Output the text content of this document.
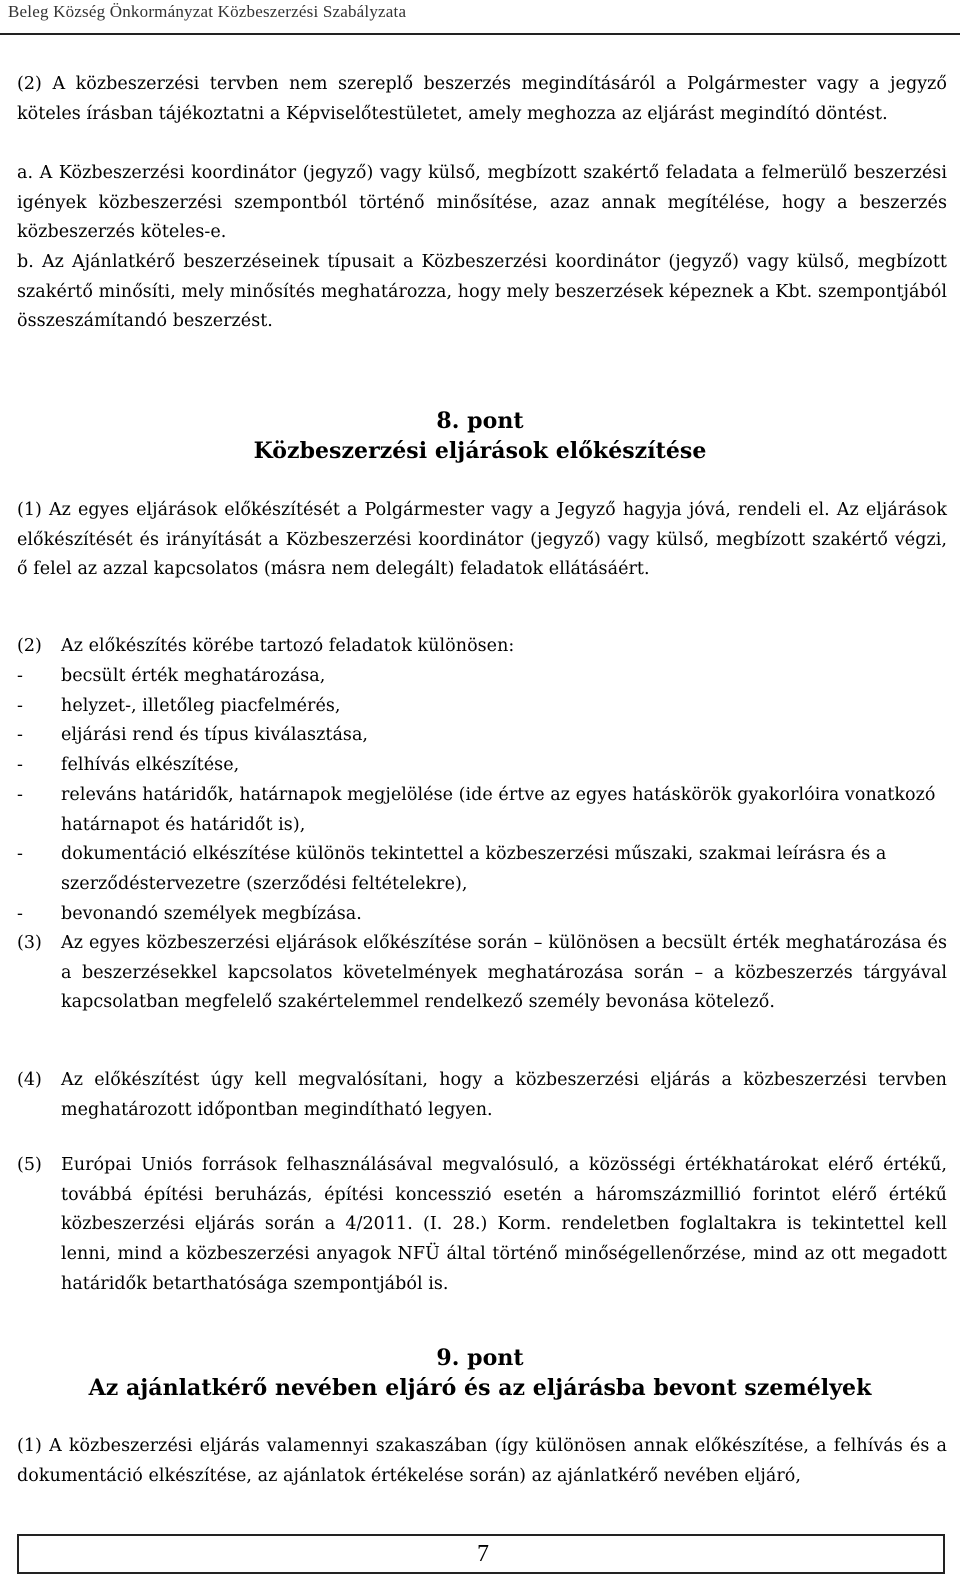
Beleg Község Önkormányzat Közbeszerzési Szabályzata

(2) A közbeszerzési tervben nem szereplő beszerzés megindításáról a Polgármester vagy a jegyző köteles írásban tájékoztatni a Képviselőtestületet, amely meghozza az eljárást megindító döntést.

a. A Közbeszerzési koordinátor (jegyző) vagy külső, megbízott szakértő feladata a felmerülő beszerzési igények közbeszerzési szempontból történő minősítése, azaz annak megítélése, hogy a beszerzés közbeszerzés köteles-e.

b. Az Ajánlatkérő beszerzéseinek típusait a Közbeszerzési koordinátor (jegyző) vagy külső, megbízott szakértő minősíti, mely minősítés meghatározza, hogy mely beszerzések képeznek a Kbt. szempontjából összeszámítandó beszerzést.

8. pont
Közbeszerzési eljárások előkészítése

(1) Az egyes eljárások előkészítését a Polgármester vagy a Jegyző hagyja jóvá, rendeli el. Az eljárások előkészítését és irányítását a Közbeszerzési koordinátor (jegyző) vagy külső, megbízott szakértő végzi, ő felel az azzal kapcsolatos (másra nem delegált) feladatok ellátásáért.

(2) Az előkészítés körébe tartozó feladatok különösen:
- becsült érték meghatározása,
- helyzet-, illetőleg piacfelmérés,
- eljárási rend és típus kiválasztása,
- felhívás elkészítése,
- releváns határidők, határnapok megjelölése (ide értve az egyes hatáskörök gyakorlóira vonatkozó határnapot és határidőt is),
- dokumentáció elkészítése különös tekintettel a közbeszerzési műszaki, szakmai leírásra és a szerződéstervezetre (szerződési feltételekre),
- bevonandó személyek megbízása.
(3) Az egyes közbeszerzési eljárások előkészítése során – különösen a becsült érték meghatározása és a beszerzésekkel kapcsolatos követelmények meghatározása során – a közbeszerzés tárgyával kapcsolatban megfelelő szakértelemmel rendelkező személy bevonása kötelező.
(4) Az előkészítést úgy kell megvalósítani, hogy a közbeszerzési eljárás a közbeszerzési tervben meghatározott időpontban megindítható legyen.
(5) Európai Uniós források felhasználásával megvalósuló, a közösségi értékhatárokat elérő értékű, továbbá építési beruházás, építési koncesszió esetén a háromszázmillió forintot elérő értékű közbeszerzési eljárás során a 4/2011. (I. 28.) Korm. rendeletben foglaltakra is tekintettel kell lenni, mind a közbeszerzési anyagok NFÜ által történő minőségellenőrzése, mind az ott megadott határidők betarthatósága szempontjából is.
9. pont
Az ajánlatkérő nevében eljáró és az eljárásba bevont személyek

(1) A közbeszerzési eljárás valamennyi szakaszában (így különösen annak előkészítése, a felhívás és a dokumentáció elkészítése, az ajánlatok értékelése során) az ajánlatkérő nevében eljáró,

7
